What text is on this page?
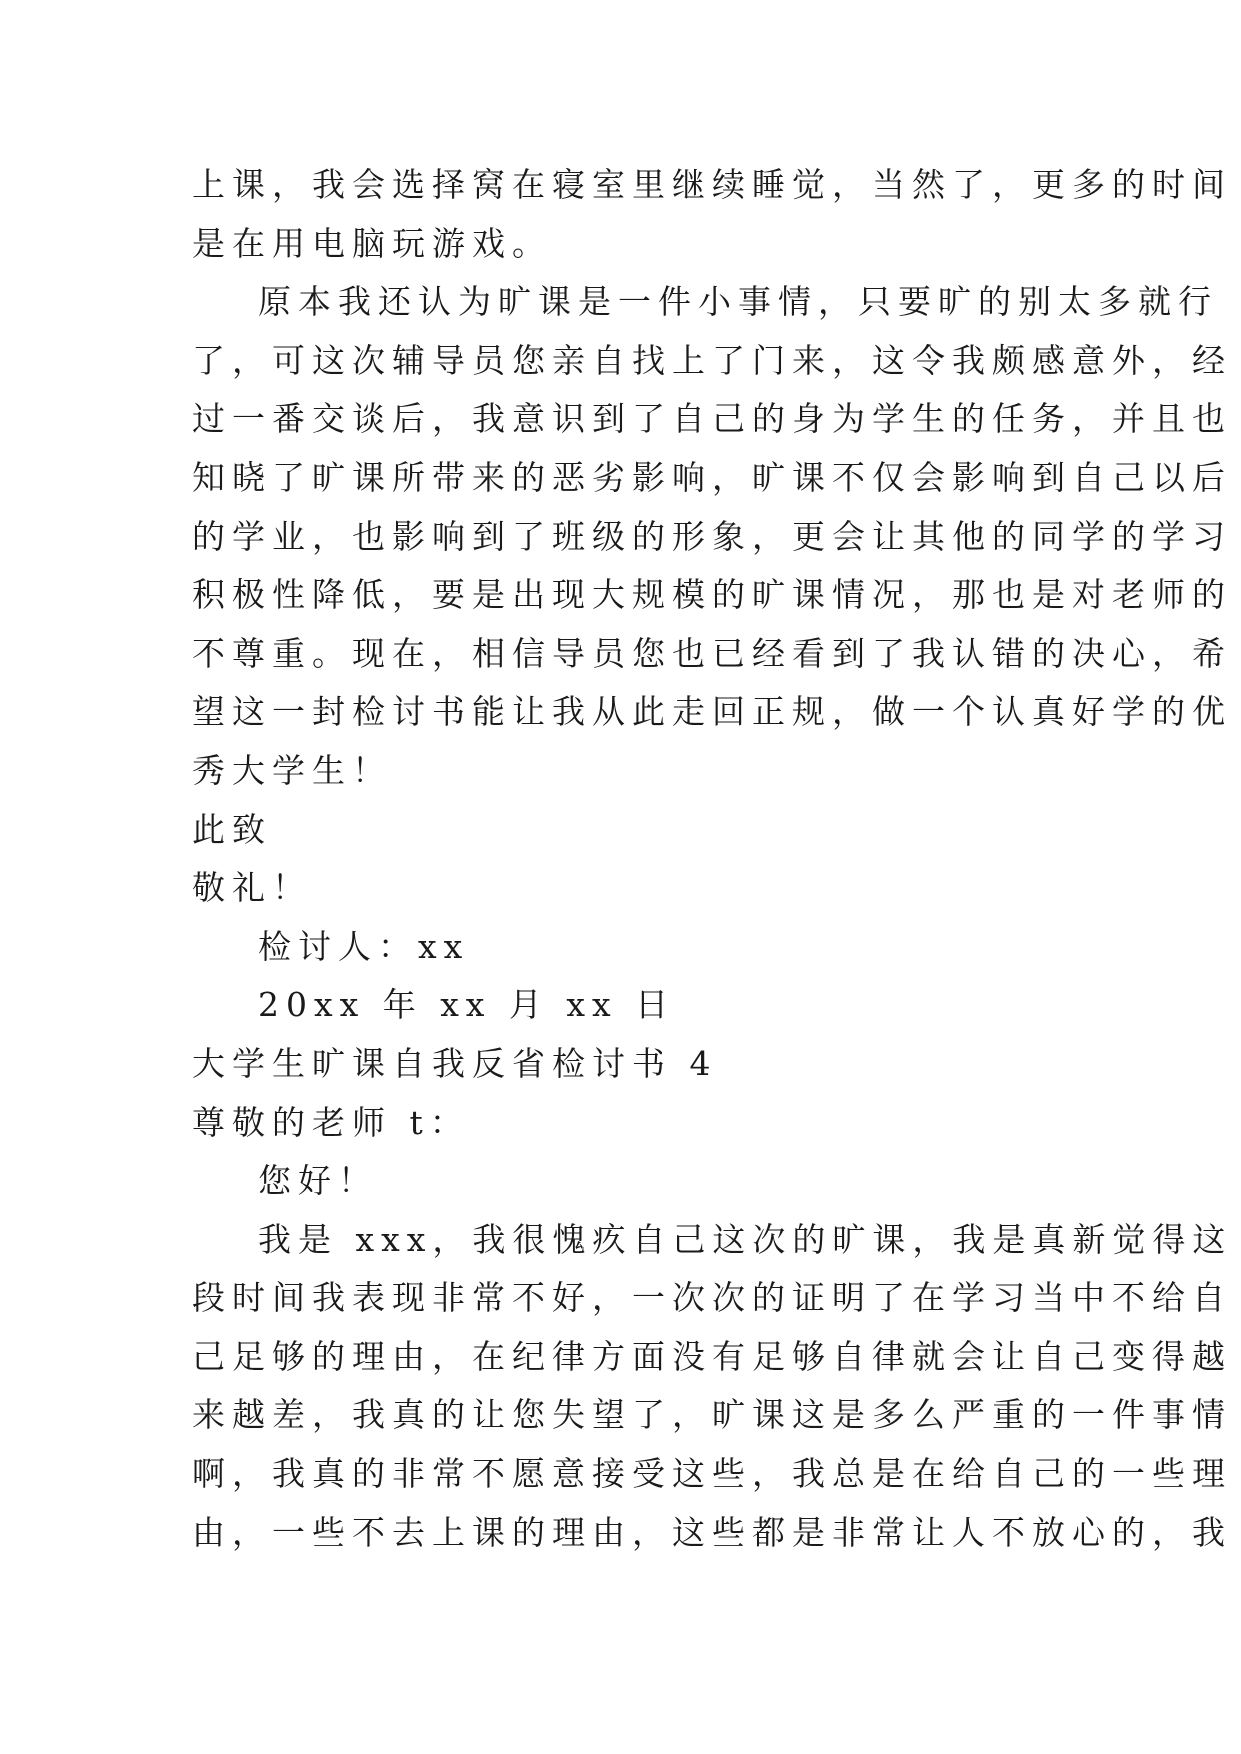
上课，我会选择窝在寝室里继续睡觉，当然了，更多的时间
是在用电脑玩游戏。
原本我还认为旷课是一件小事情，只要旷的别太多就行
了，可这次辅导员您亲自找上了门来，这令我颇感意外，经
过一番交谈后，我意识到了自己的身为学生的任务，并且也
知晓了旷课所带来的恶劣影响，旷课不仅会影响到自己以后
的学业，也影响到了班级的形象，更会让其他的同学的学习
积极性降低，要是出现大规模的旷课情况，那也是对老师的
不尊重。现在，相信导员您也已经看到了我认错的决心，希
望这一封检讨书能让我从此走回正规，做一个认真好学的优
秀大学生！
此致
敬礼！
检讨人：xx
20xx 年 xx 月 xx 日
大学生旷课自我反省检讨书 4
尊敬的老师 t：
您好！
我是 xxx，我很愧疚自己这次的旷课，我是真新觉得这
段时间我表现非常不好，一次次的证明了在学习当中不给自
己足够的理由，在纪律方面没有足够自律就会让自己变得越
来越差，我真的让您失望了，旷课这是多么严重的一件事情
啊，我真的非常不愿意接受这些，我总是在给自己的一些理
由，一些不去上课的理由，这些都是非常让人不放心的，我
